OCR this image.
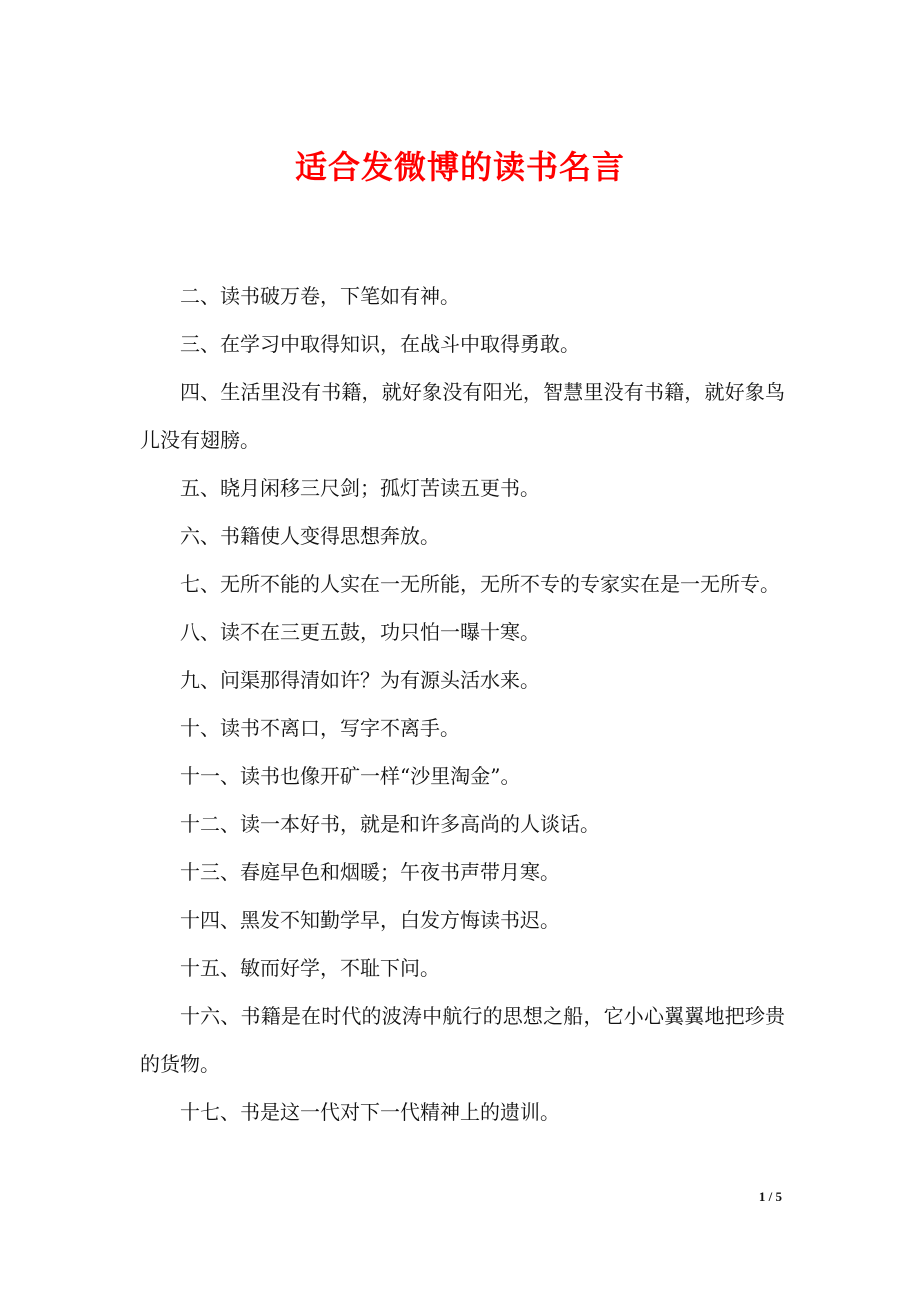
适合发微博的读书名言

二、读书破万卷，下笔如有神。

三、在学习中取得知识，在战斗中取得勇敢。

四、生活里没有书籍，就好象没有阳光，智慧里没有书籍，就好象鸟儿没有翅膀。

五、晓月闲移三尺剑；孤灯苦读五更书。

六、书籍使人变得思想奔放。

七、无所不能的人实在一无所能，无所不专的专家实在是一无所专。

八、读不在三更五鼓，功只怕一曝十寒。

九、问渠那得清如许？为有源头活水来。

十、读书不离口，写字不离手。

十一、读书也像开矿一样“沙里淘金”。

十二、读一本好书，就是和许多高尚的人谈话。

十三、春庭早色和烟暖；午夜书声带月寒。

十四、黑发不知勤学早，白发方悔读书迟。

十五、敏而好学，不耻下问。

十六、书籍是在时代的波涛中航行的思想之船，它小心翼翼地把珍贵的货物。

十七、书是这一代对下一代精神上的遗训。

1 / 5
